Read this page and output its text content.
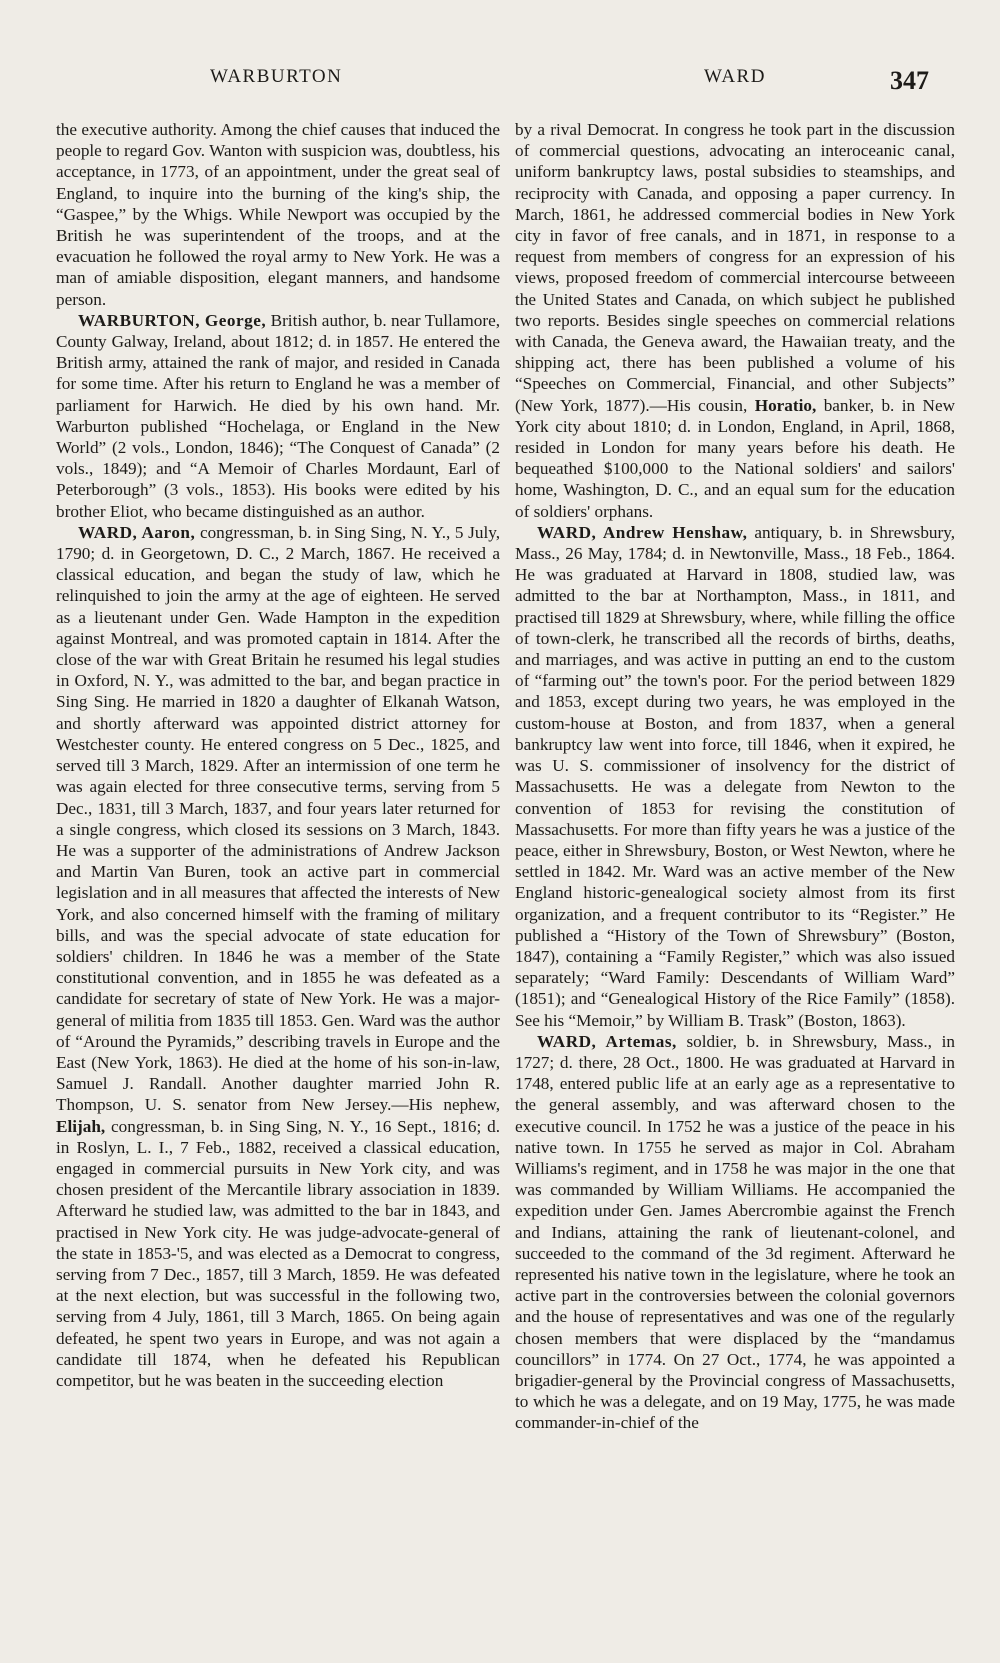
WARBURTON	WARD	347

the executive authority. Among the chief causes that induced the people to regard Gov. Wanton with suspicion was, doubtless, his acceptance, in 1773, of an appointment, under the great seal of England, to inquire into the burning of the king's ship, the “Gaspee,” by the Whigs. While Newport was occupied by the British he was superintendent of the troops, and at the evacuation he followed the royal army to New York. He was a man of amiable disposition, elegant manners, and handsome person.

WARBURTON, George, British author, b. near Tullamore, County Galway, Ireland, about 1812; d. in 1857. He entered the British army, attained the rank of major, and resided in Canada for some time. After his return to England he was a member of parliament for Harwich. He died by his own hand. Mr. Warburton published “Hochelaga, or England in the New World” (2 vols., London, 1846); “The Conquest of Canada” (2 vols., 1849); and “A Memoir of Charles Mordaunt, Earl of Peterborough” (3 vols., 1853). His books were edited by his brother Eliot, who became distinguished as an author.

WARD, Aaron, congressman, b. in Sing Sing, N. Y., 5 July, 1790; d. in Georgetown, D. C., 2 March, 1867. He received a classical education, and began the study of law, which he relinquished to join the army at the age of eighteen. He served as a lieutenant under Gen. Wade Hampton in the expedition against Montreal, and was promoted captain in 1814. After the close of the war with Great Britain he resumed his legal studies in Oxford, N. Y., was admitted to the bar, and began practice in Sing Sing. He married in 1820 a daughter of Elkanah Watson, and shortly afterward was appointed district attorney for Westchester county. He entered congress on 5 Dec., 1825, and served till 3 March, 1829. After an intermission of one term he was again elected for three consecutive terms, serving from 5 Dec., 1831, till 3 March, 1837, and four years later returned for a single congress, which closed its sessions on 3 March, 1843. He was a supporter of the administrations of Andrew Jackson and Martin Van Buren, took an active part in commercial legislation and in all measures that affected the interests of New York, and also concerned himself with the framing of military bills, and was the special advocate of state education for soldiers' children. In 1846 he was a member of the State constitutional convention, and in 1855 he was defeated as a candidate for secretary of state of New York. He was a major-general of militia from 1835 till 1853. Gen. Ward was the author of “Around the Pyramids,” describing travels in Europe and the East (New York, 1863). He died at the home of his son-in-law, Samuel J. Randall. Another daughter married John R. Thompson, U. S. senator from New Jersey.—His nephew, Elijah, congressman, b. in Sing Sing, N. Y., 16 Sept., 1816; d. in Roslyn, L. I., 7 Feb., 1882, received a classical education, engaged in commercial pursuits in New York city, and was chosen president of the Mercantile library association in 1839. Afterward he studied law, was admitted to the bar in 1843, and practised in New York city. He was judge-advocate-general of the state in 1853-'5, and was elected as a Democrat to congress, serving from 7 Dec., 1857, till 3 March, 1859. He was defeated at the next election, but was successful in the following two, serving from 4 July, 1861, till 3 March, 1865. On being again defeated, he spent two years in Europe, and was not again a candidate till 1874, when he defeated his Republican competitor, but he was beaten in the succeeding election

by a rival Democrat. In congress he took part in the discussion of commercial questions, advocating an interoceanic canal, uniform bankruptcy laws, postal subsidies to steamships, and reciprocity with Canada, and opposing a paper currency. In March, 1861, he addressed commercial bodies in New York city in favor of free canals, and in 1871, in response to a request from members of congress for an expression of his views, proposed freedom of commercial intercourse betweeen the United States and Canada, on which subject he published two reports. Besides single speeches on commercial relations with Canada, the Geneva award, the Hawaiian treaty, and the shipping act, there has been published a volume of his “Speeches on Commercial, Financial, and other Subjects” (New York, 1877).—His cousin, Horatio, banker, b. in New York city about 1810; d. in London, England, in April, 1868, resided in London for many years before his death. He bequeathed $100,000 to the National soldiers' and sailors' home, Washington, D. C., and an equal sum for the education of soldiers' orphans.

WARD, Andrew Henshaw, antiquary, b. in Shrewsbury, Mass., 26 May, 1784; d. in Newtonville, Mass., 18 Feb., 1864. He was graduated at Harvard in 1808, studied law, was admitted to the bar at Northampton, Mass., in 1811, and practised till 1829 at Shrewsbury, where, while filling the office of town-clerk, he transcribed all the records of births, deaths, and marriages, and was active in putting an end to the custom of “farming out” the town's poor. For the period between 1829 and 1853, except during two years, he was employed in the custom-house at Boston, and from 1837, when a general bankruptcy law went into force, till 1846, when it expired, he was U. S. commissioner of insolvency for the district of Massachusetts. He was a delegate from Newton to the convention of 1853 for revising the constitution of Massachusetts. For more than fifty years he was a justice of the peace, either in Shrewsbury, Boston, or West Newton, where he settled in 1842. Mr. Ward was an active member of the New England historic-genealogical society almost from its first organization, and a frequent contributor to its “Register.” He published a “History of the Town of Shrewsbury” (Boston, 1847), containing a “Family Register,” which was also issued separately; “Ward Family: Descendants of William Ward” (1851); and “Genealogical History of the Rice Family” (1858). See his “Memoir,” by William B. Trask” (Boston, 1863).

WARD, Artemas, soldier, b. in Shrewsbury, Mass., in 1727; d. there, 28 Oct., 1800. He was graduated at Harvard in 1748, entered public life at an early age as a representative to the general assembly, and was afterward chosen to the executive council. In 1752 he was a justice of the peace in his native town. In 1755 he served as major in Col. Abraham Williams's regiment, and in 1758 he was major in the one that was commanded by William Williams. He accompanied the expedition under Gen. James Abercrombie against the French and Indians, attaining the rank of lieutenant-colonel, and succeeded to the command of the 3d regiment. Afterward he represented his native town in the legislature, where he took an active part in the controversies between the colonial governors and the house of representatives and was one of the regularly chosen members that were displaced by the “mandamus councillors” in 1774. On 27 Oct., 1774, he was appointed a brigadier-general by the Provincial congress of Massachusetts, to which he was a delegate, and on 19 May, 1775, he was made commander-in-chief of the
